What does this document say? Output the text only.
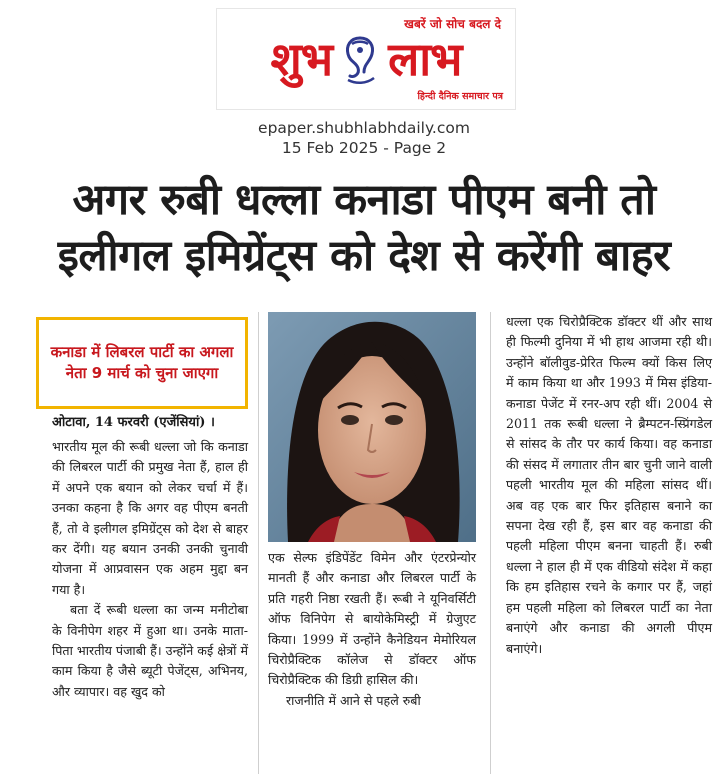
खबरें जो सोच बदल दे
शुभ लाभ
हिन्दी दैनिक समाचार पत्र
epaper.shubhlabhdaily.com
15 Feb 2025 - Page 2
अगर रुबी धल्ला कनाडा पीएम बनी तो
इलीगल इमिग्रेंट्स को देश से करेंगी बाहर
कनाडा में लिबरल पार्टी का अगला नेता 9 मार्च को चुना जाएगा
ओटावा, 14 फरवरी (एजेंसियां) ।

भारतीय मूल की रूबी धल्ला जो कि कनाडा की लिबरल पार्टी की प्रमुख नेता हैं, हाल ही में अपने एक बयान को लेकर चर्चा में हैं। उनका कहना है कि अगर वह पीएम बनती हैं, तो वे इलीगल इमिग्रेंट्स को देश से बाहर कर देंगी। यह बयान उनकी उनकी चुनावी योजना में आप्रवासन एक अहम मुद्दा बन गया है।

बता दें रूबी धल्ला का जन्म मनीटोबा के विनीपेग शहर में हुआ था। उनके माता-पिता भारतीय पंजाबी हैं। उन्होंने कई क्षेत्रों में काम किया है जैसे ब्यूटी पेजेंट्स, अभिनय, और व्यापार। वह खुद को

एक सेल्फ इंडिपेंडेंट विमेन और एंटरप्रेन्योर मानती हैं और कनाडा और लिबरल पार्टी के प्रति गहरी निष्ठा रखती हैं। रूबी ने यूनिवर्सिटी ऑफ विनिपेग से बायोकेमिस्ट्री में ग्रेजुएट किया। 1999 में उन्होंने कैनेडियन मेमोरियल चिरोप्रैक्टिक कॉलेज से डॉक्टर ऑफ चिरोप्रैक्टिक की डिग्री हासिल की।

राजनीति में आने से पहले रुबी

धल्ला एक चिरोप्रैक्टिक डॉक्टर थीं और साथ ही फिल्मी दुनिया में भी हाथ आजमा रही थी। उन्होंने बॉलीवुड-प्रेरित फिल्म क्यों किस लिए में काम किया था और 1993 में मिस इंडिया-कनाडा पेजेंट में रनर-अप रही थीं। 2004 से 2011 तक रूबी धल्ला ने ब्रैम्पटन-स्प्रिंगडेल से सांसद के तौर पर कार्य किया। वह कनाडा की संसद में लगातार तीन बार चुनी जाने वाली पहली भारतीय मूल की महिला सांसद थीं। अब वह एक बार फिर इतिहास बनाने का सपना देख रही हैं, इस बार वह कनाडा की पहली महिला पीएम बनना चाहती हैं। रुबी धल्ला ने हाल ही में एक वीडियो संदेश में कहा कि हम इतिहास रचने के कगार पर हैं, जहां हम पहली महिला को लिबरल पार्टी का नेता बनाएंगे और कनाडा की अगली पीएम बनाएंगे।
